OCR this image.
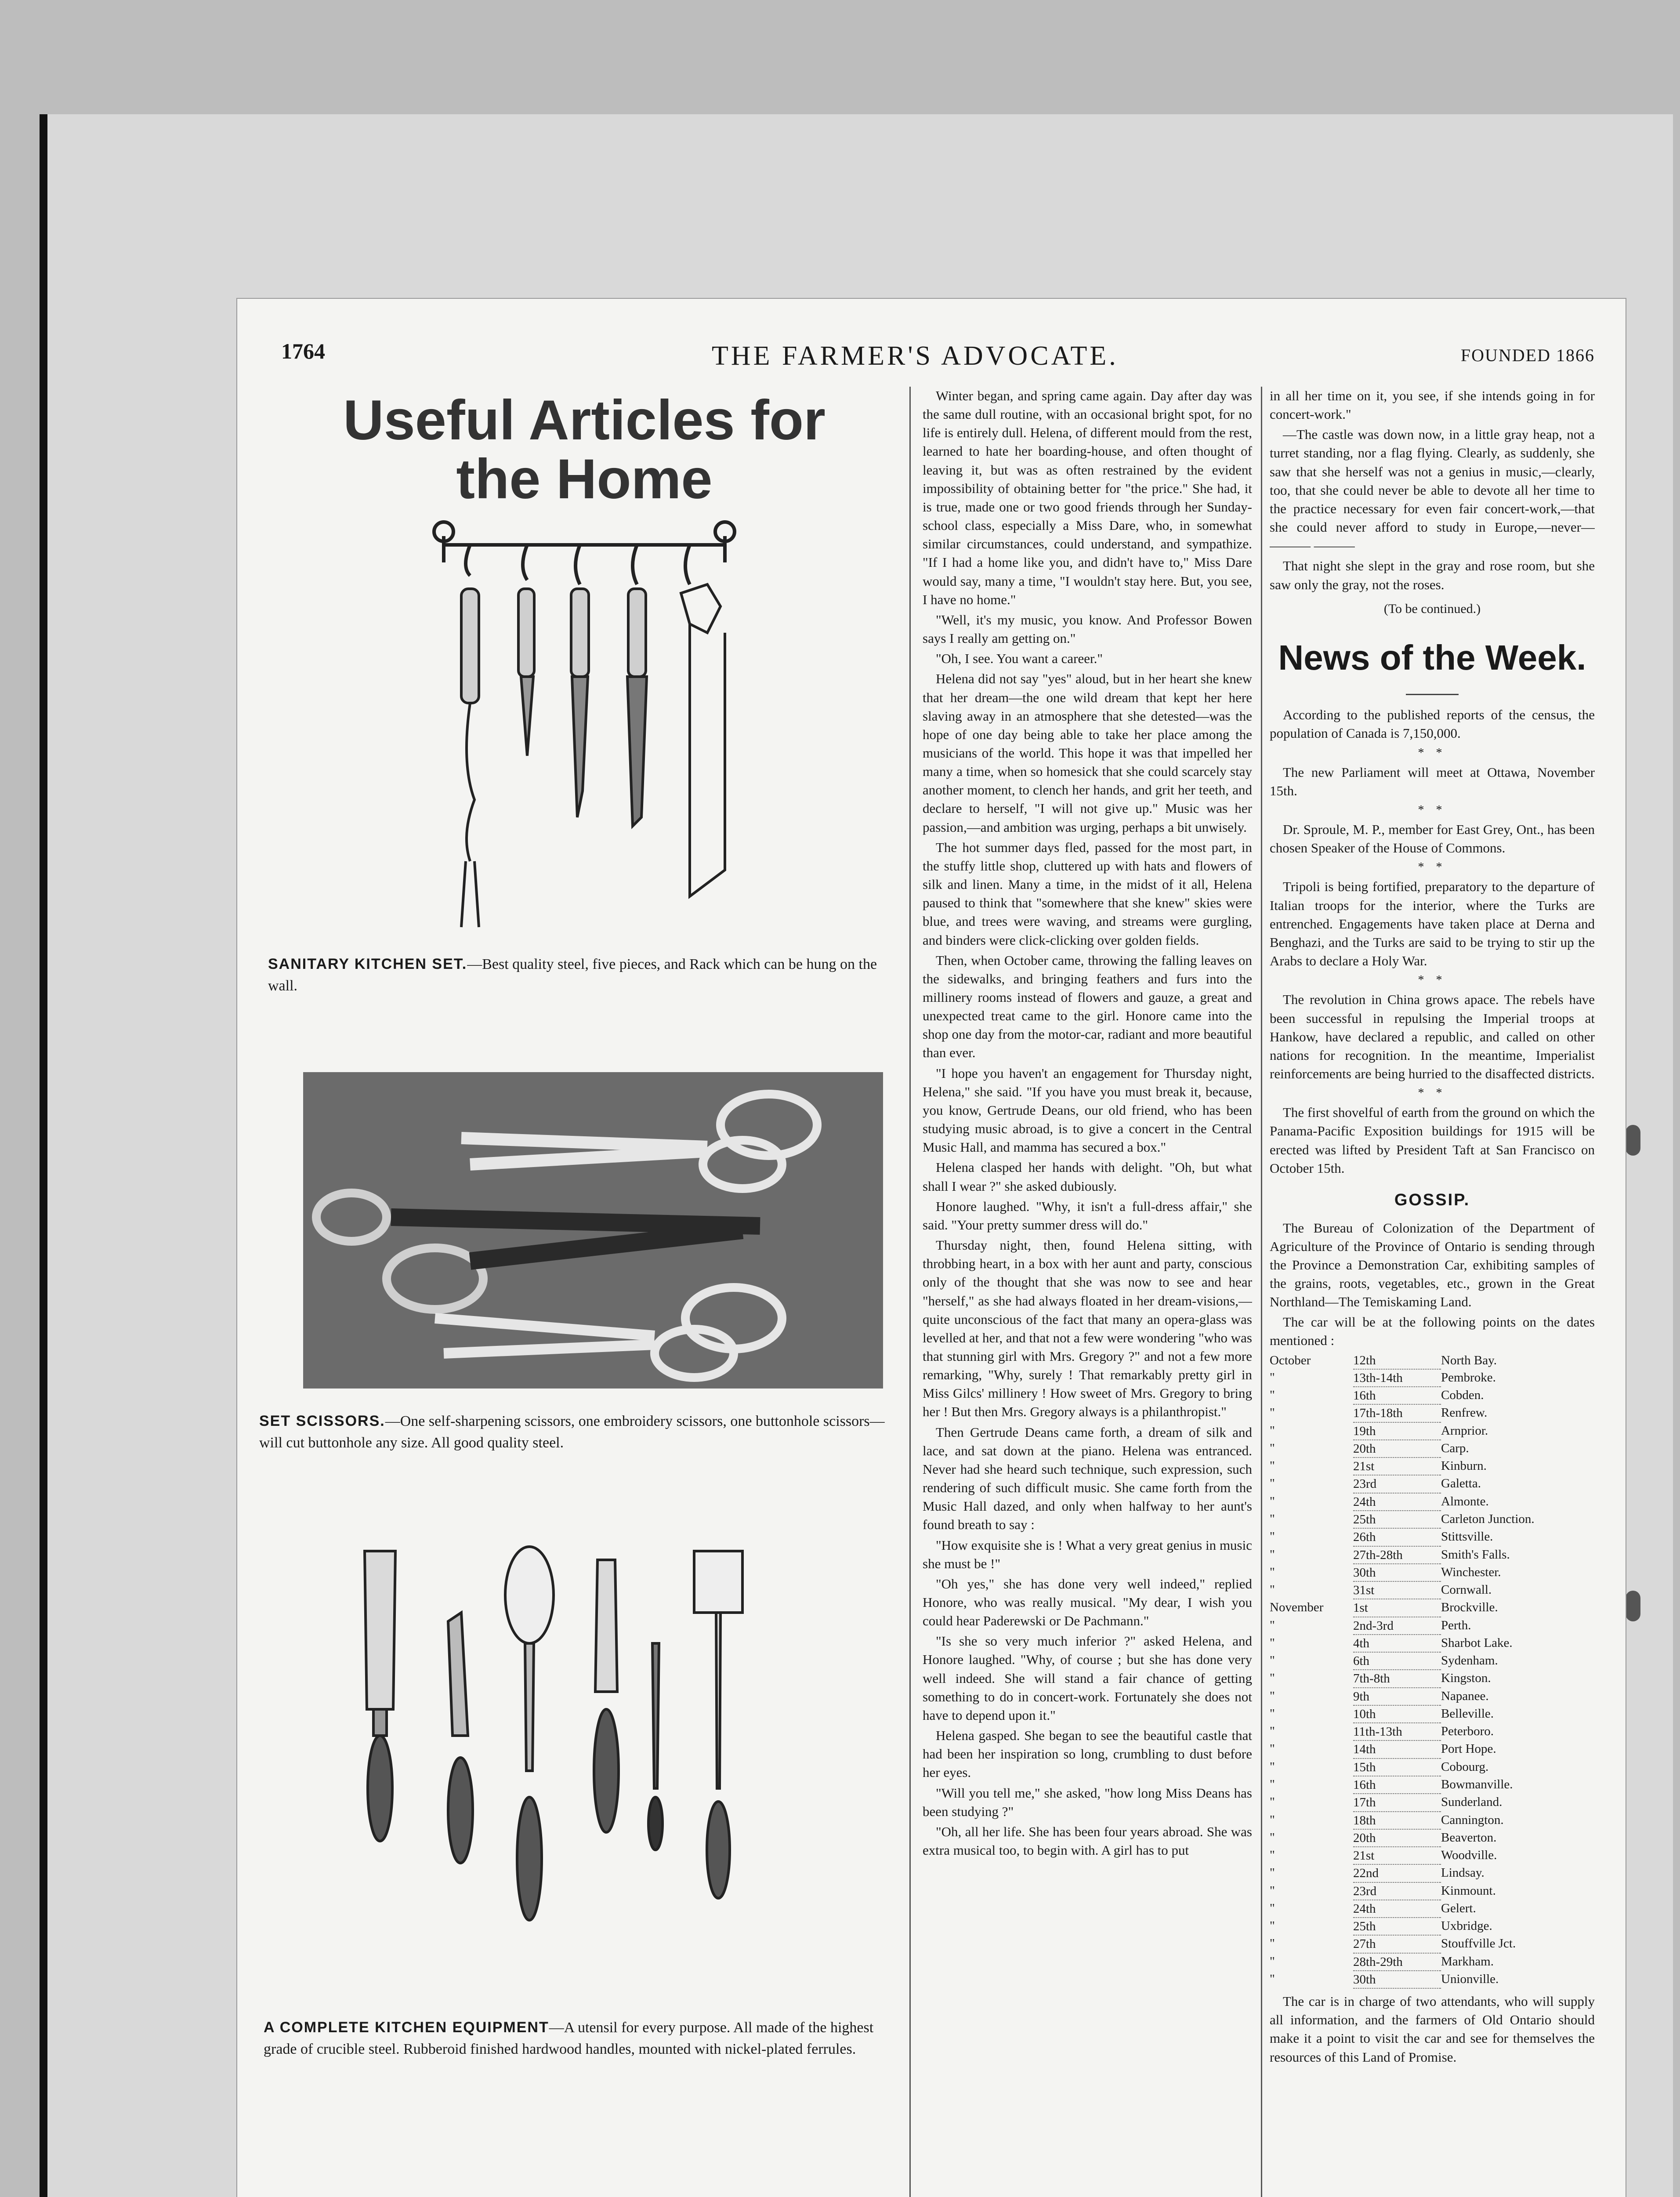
1764	THE FARMER'S ADVOCATE.	FOUNDED 1866
Useful Articles for
the Home
SANITARY KITCHEN SET.—Best quality steel, five pieces, and Rack which can be hung on the wall.
SET SCISSORS.—One self-sharpening scissors, one embroidery scissors, one buttonhole scissors—will cut buttonhole any size. All good quality steel.
A COMPLETE KITCHEN EQUIPMENT—A utensil for every purpose. All made of the highest grade of crucible steel. Rubberoid finished hardwood handles, mounted with nickel-plated ferrules.

Winter began, and spring came again. Day after day was the same dull routine, with an occasional bright spot, for no life is entirely dull. Helena, of different mould from the rest, learned to hate her boarding-house, and often thought of leaving it, but was as often restrained by the evident impossibility of obtaining better for "the price." She had, it is true, made one or two good friends through her Sunday-school class, especially a Miss Dare, who, in somewhat similar circumstances, could understand, and sympathize. "If I had a home like you, and didn't have to," Miss Dare would say, many a time, "I wouldn't stay here. But, you see, I have no home."

"Well, it's my music, you know. And Professor Bowen says I really am getting on."

"Oh, I see. You want a career."

Helena did not say "yes" aloud, but in her heart she knew that her dream—the one wild dream that kept her here slaving away in an atmosphere that she detested—was the hope of one day being able to take her place among the musicians of the world. This hope it was that impelled her many a time, when so homesick that she could scarcely stay another moment, to clench her hands, and grit her teeth, and declare to herself, "I will not give up." Music was her passion,—and ambition was urging, perhaps a bit unwisely.

The hot summer days fled, passed for the most part, in the stuffy little shop, cluttered up with hats and flowers of silk and linen. Many a time, in the midst of it all, Helena paused to think that "somewhere that she knew" skies were blue, and trees were waving, and streams were gurgling, and binders were click-clicking over golden fields.

Then, when October came, throwing the falling leaves on the sidewalks, and bringing feathers and furs into the millinery rooms instead of flowers and gauze, a great and unexpected treat came to the girl. Honore came into the shop one day from the motor-car, radiant and more beautiful than ever.

"I hope you haven't an engagement for Thursday night, Helena," she said. "If you have you must break it, because, you know, Gertrude Deans, our old friend, who has been studying music abroad, is to give a concert in the Central Music Hall, and mamma has secured a box."

Helena clasped her hands with delight. "Oh, but what shall I wear ?" she asked dubiously.

Honore laughed. "Why, it isn't a full-dress affair," she said. "Your pretty summer dress will do."

Thursday night, then, found Helena sitting, with throbbing heart, in a box with her aunt and party, conscious only of the thought that she was now to see and hear "herself," as she had always floated in her dream-visions,—quite unconscious of the fact that many an opera-glass was levelled at her, and that not a few were wondering "who was that stunning girl with Mrs. Gregory ?" and not a few more remarking, "Why, surely ! That remarkably pretty girl in Miss Gilcs' millinery ! How sweet of Mrs. Gregory to bring her ! But then Mrs. Gregory always is a philanthropist."

Then Gertrude Deans came forth, a dream of silk and lace, and sat down at the piano. Helena was entranced. Never had she heard such technique, such expression, such rendering of such difficult music. She came forth from the Music Hall dazed, and only when halfway to her aunt's found breath to say :

"How exquisite she is ! What a very great genius in music she must be !"

"Oh yes," she has done very well indeed," replied Honore, who was really musical. "My dear, I wish you could hear Paderewski or De Pachmann."

"Is she so very much inferior ?" asked Helena, and Honore laughed. "Why, of course ; but she has done very well indeed. She will stand a fair chance of getting something to do in concert-work. Fortunately she does not have to depend upon it."

Helena gasped. She began to see the beautiful castle that had been her inspiration so long, crumbling to dust before her eyes.

"Will you tell me," she asked, "how long Miss Deans has been studying ?"

"Oh, all her life. She has been four years abroad. She was extra musical too, to begin with. A girl has to put

in all her time on it, you see, if she intends going in for concert-work."

—The castle was down now, in a little gray heap, not a turret standing, nor a flag flying. Clearly, as suddenly, she saw that she herself was not a genius in music,—clearly, too, that she could never be able to devote all her time to the practice necessary for even fair concert-work,—that she could never afford to study in Europe,—never— ——— ———

That night she slept in the gray and rose room, but she saw only the gray, not the roses.

(To be continued.)
News of the Week.

According to the published reports of the census, the population of Canada is 7,150,000.

* *

The new Parliament will meet at Ottawa, November 15th.

* *

Dr. Sproule, M. P., member for East Grey, Ont., has been chosen Speaker of the House of Commons.

* *

Tripoli is being fortified, preparatory to the departure of Italian troops for the interior, where the Turks are entrenched. Engagements have taken place at Derna and Benghazi, and the Turks are said to be trying to stir up the Arabs to declare a Holy War.

* *

The revolution in China grows apace. The rebels have been successful in repulsing the Imperial troops at Hankow, have declared a republic, and called on other nations for recognition. In the meantime, Imperialist reinforcements are being hurried to the disaffected districts.

* *

The first shovelful of earth from the ground on which the Panama-Pacific Exposition buildings for 1915 will be erected was lifted by President Taft at San Francisco on October 15th.

GOSSIP.

The Bureau of Colonization of the Department of Agriculture of the Province of Ontario is sending through the Province a Demonstration Car, exhibiting samples of the grains, roots, vegetables, etc., grown in the Great Northland—The Temiskaming Land.

The car will be at the following points on the dates mentioned :

October	12th	North Bay.
"	13th-14th	Pembroke.
"	16th	Cobden.
"	17th-18th	Renfrew.
"	19th	Arnprior.
"	20th	Carp.
"	21st	Kinburn.
"	23rd	Galetta.
"	24th	Almonte.
"	25th	Carleton Junction.
"	26th	Stittsville.
"	27th-28th	Smith's Falls.
"	30th	Winchester.
"	31st	Cornwall.
November	1st	Brockville.
"	2nd-3rd	Perth.
"	4th	Sharbot Lake.
"	6th	Sydenham.
"	7th-8th	Kingston.
"	9th	Napanee.
"	10th	Belleville.
"	11th-13th	Peterboro.
"	14th	Port Hope.
"	15th	Cobourg.
"	16th	Bowmanville.
"	17th	Sunderland.
"	18th	Cannington.
"	20th	Beaverton.
"	21st	Woodville.
"	22nd	Lindsay.
"	23rd	Kinmount.
"	24th	Gelert.
"	25th	Uxbridge.
"	27th	Stouffville Jct.
"	28th-29th	Markham.
"	30th	Unionville.

The car is in charge of two attendants, who will supply all information, and the farmers of Old Ontario should make it a point to visit the car and see for themselves the resources of this Land of Promise.
